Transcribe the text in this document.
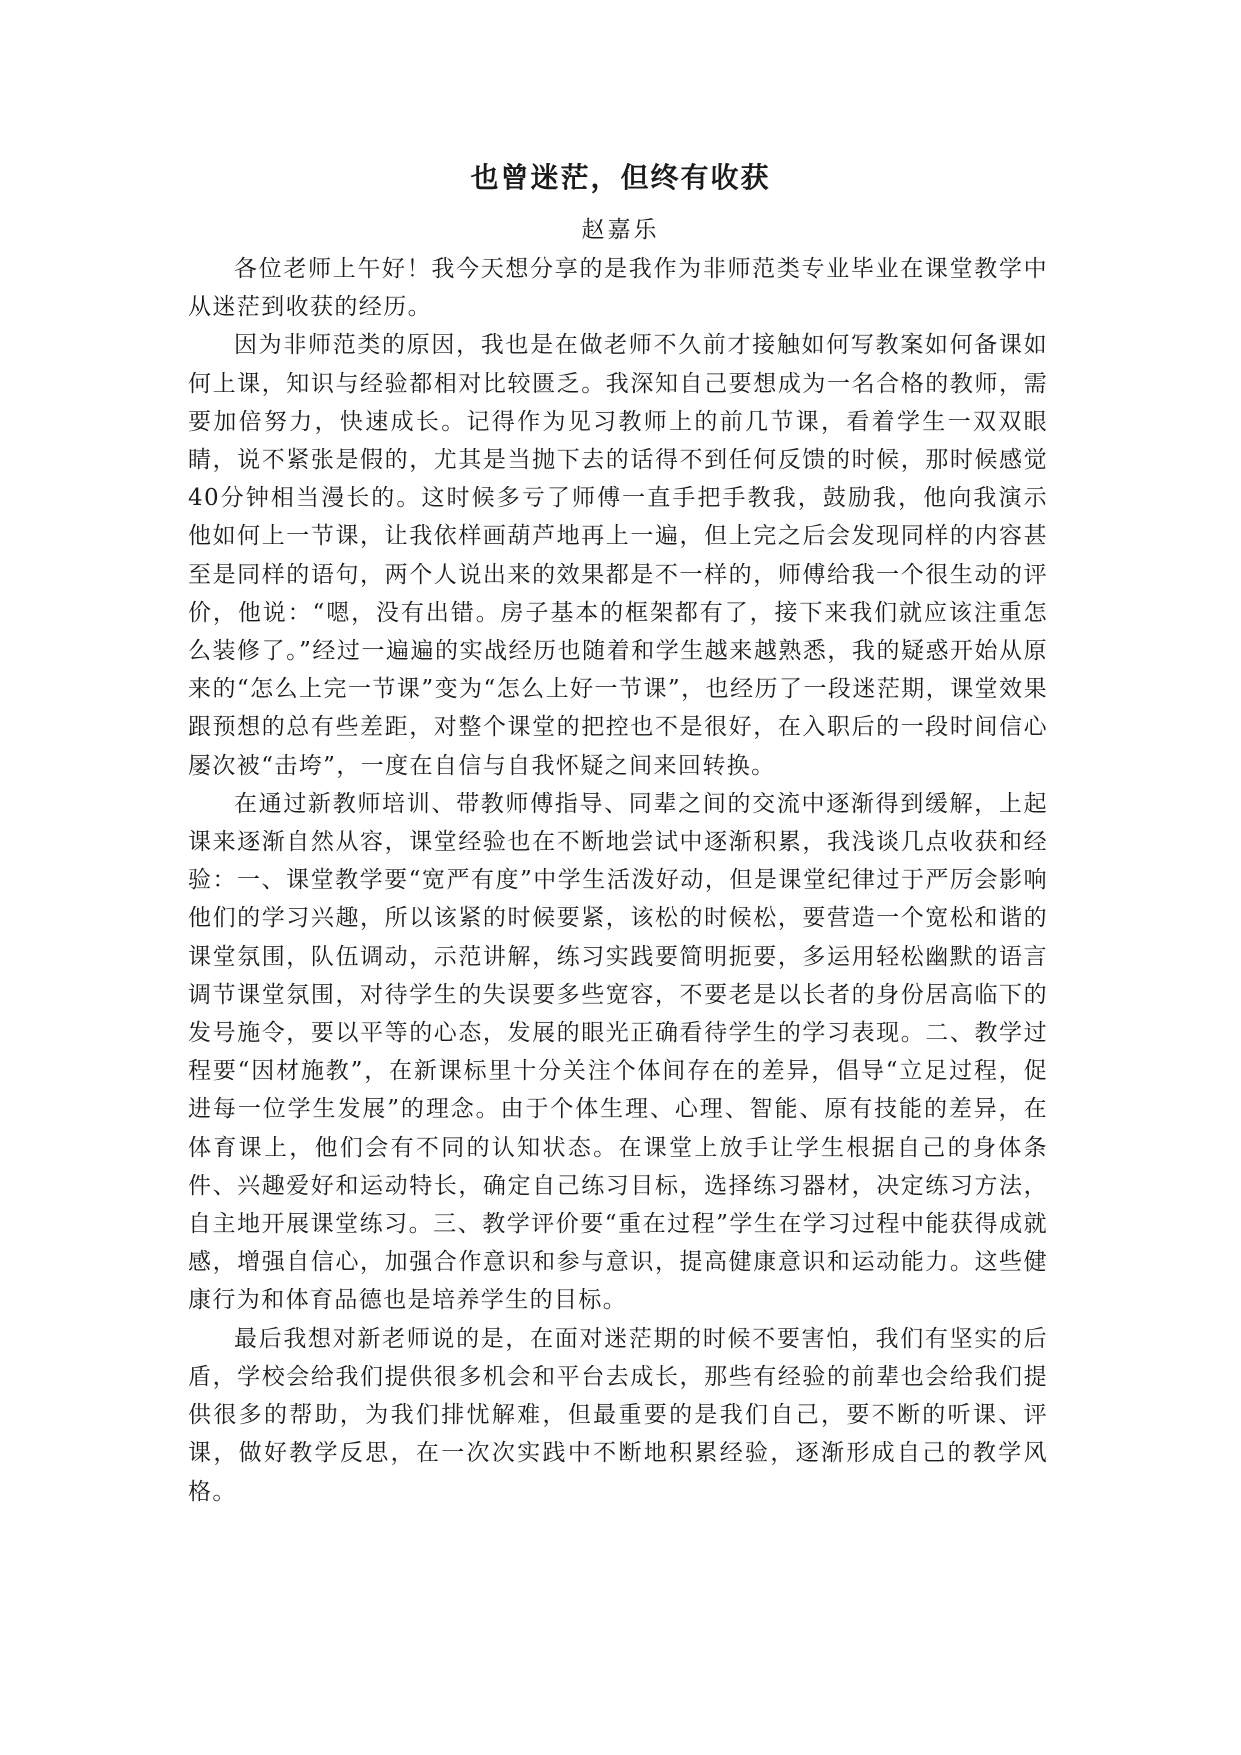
也曾迷茫，但终有收获

赵嘉乐

各位老师上午好！我今天想分享的是我作为非师范类专业毕业在课堂教学中从迷茫到收获的经历。

因为非师范类的原因，我也是在做老师不久前才接触如何写教案如何备课如何上课，知识与经验都相对比较匮乏。我深知自己要想成为一名合格的教师，需要加倍努力，快速成长。记得作为见习教师上的前几节课，看着学生一双双眼睛，说不紧张是假的，尤其是当抛下去的话得不到任何反馈的时候，那时候感觉40分钟相当漫长的。这时候多亏了师傅一直手把手教我，鼓励我，他向我演示他如何上一节课，让我依样画葫芦地再上一遍，但上完之后会发现同样的内容甚至是同样的语句，两个人说出来的效果都是不一样的，师傅给我一个很生动的评价，他说：“嗯，没有出错。房子基本的框架都有了，接下来我们就应该注重怎么装修了。”经过一遍遍的实战经历也随着和学生越来越熟悉，我的疑惑开始从原来的“怎么上完一节课”变为“怎么上好一节课”，也经历了一段迷茫期，课堂效果跟预想的总有些差距，对整个课堂的把控也不是很好，在入职后的一段时间信心屡次被“击垮”，一度在自信与自我怀疑之间来回转换。

在通过新教师培训、带教师傅指导、同辈之间的交流中逐渐得到缓解，上起课来逐渐自然从容，课堂经验也在不断地尝试中逐渐积累，我浅谈几点收获和经验：一、课堂教学要“宽严有度”中学生活泼好动，但是课堂纪律过于严厉会影响他们的学习兴趣，所以该紧的时候要紧，该松的时候松，要营造一个宽松和谐的课堂氛围，队伍调动，示范讲解，练习实践要简明扼要，多运用轻松幽默的语言调节课堂氛围，对待学生的失误要多些宽容，不要老是以长者的身份居高临下的发号施令，要以平等的心态，发展的眼光正确看待学生的学习表现。二、教学过程要“因材施教”，在新课标里十分关注个体间存在的差异，倡导“立足过程，促进每一位学生发展”的理念。由于个体生理、心理、智能、原有技能的差异，在体育课上，他们会有不同的认知状态。在课堂上放手让学生根据自己的身体条件、兴趣爱好和运动特长，确定自己练习目标，选择练习器材，决定练习方法，自主地开展课堂练习。三、教学评价要“重在过程”学生在学习过程中能获得成就感，增强自信心，加强合作意识和参与意识，提高健康意识和运动能力。这些健康行为和体育品德也是培养学生的目标。

最后我想对新老师说的是，在面对迷茫期的时候不要害怕，我们有坚实的后盾，学校会给我们提供很多机会和平台去成长，那些有经验的前辈也会给我们提供很多的帮助，为我们排忧解难，但最重要的是我们自己，要不断的听课、评课，做好教学反思，在一次次实践中不断地积累经验，逐渐形成自己的教学风格。
